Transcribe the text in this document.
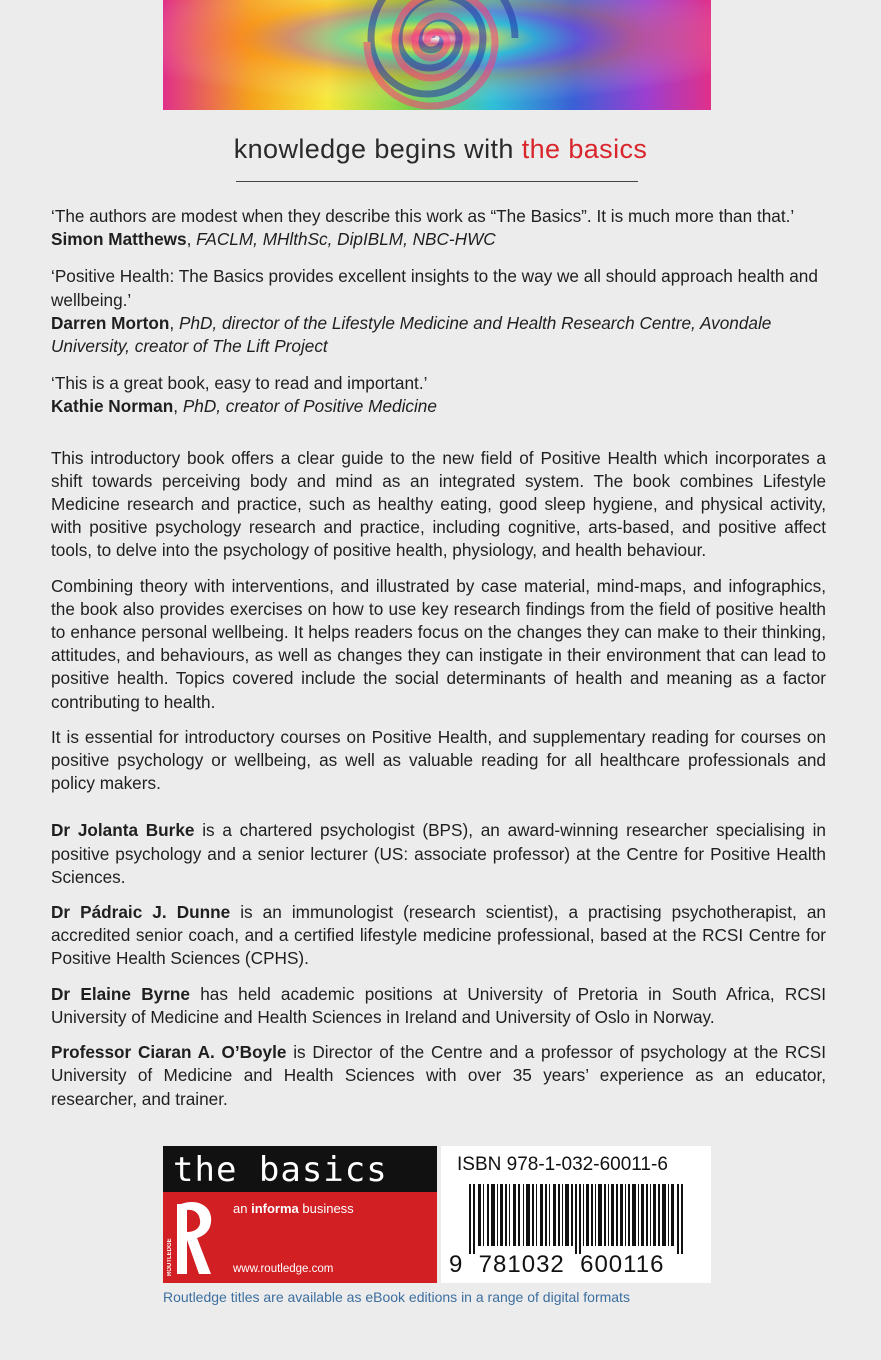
knowledge begins with the basics

‘The authors are modest when they describe this work as “The Basics”. It is much more than that.’
Simon Matthews, FACLM, MHlthSc, DipIBLM, NBC-HWC

‘Positive Health: The Basics provides excellent insights to the way we all should approach health and wellbeing.’
Darren Morton, PhD, director of the Lifestyle Medicine and Health Research Centre, Avondale University, creator of The Lift Project

‘This is a great book, easy to read and important.’
Kathie Norman, PhD, creator of Positive Medicine

This introductory book offers a clear guide to the new field of Positive Health which incorporates a shift towards perceiving body and mind as an integrated system. The book combines Lifestyle Medicine research and practice, such as healthy eating, good sleep hygiene, and physical activity, with positive psychology research and practice, including cognitive, arts-based, and positive affect tools, to delve into the psychology of positive health, physiology, and health behaviour.

Combining theory with interventions, and illustrated by case material, mind-maps, and infographics, the book also provides exercises on how to use key research findings from the field of positive health to enhance personal wellbeing. It helps readers focus on the changes they can make to their thinking, attitudes, and behaviours, as well as changes they can instigate in their environment that can lead to positive health. Topics covered include the social determinants of health and meaning as a factor contributing to health.

It is essential for introductory courses on Positive Health, and supplementary reading for courses on positive psychology or wellbeing, as well as valuable reading for all healthcare professionals and policy makers.

Dr Jolanta Burke is a chartered psychologist (BPS), an award-winning researcher specialising in positive psychology and a senior lecturer (US: associate professor) at the Centre for Positive Health Sciences.

Dr Pádraic J. Dunne is an immunologist (research scientist), a practising psychotherapist, an accredited senior coach, and a certified lifestyle medicine professional, based at the RCSI Centre for Positive Health Sciences (CPHS).

Dr Elaine Byrne has held academic positions at University of Pretoria in South Africa, RCSI University of Medicine and Health Sciences in Ireland and University of Oslo in Norway.

Professor Ciaran A. O’Boyle is Director of the Centre and a professor of psychology at the RCSI University of Medicine and Health Sciences with over 35 years’ experience as an educator, researcher, and trainer.

the basics
ROUTLEDGE
an informa business
www.routledge.com
ISBN 978-1-032-60011-6
9  781032  600116
Routledge titles are available as eBook editions in a range of digital formats
